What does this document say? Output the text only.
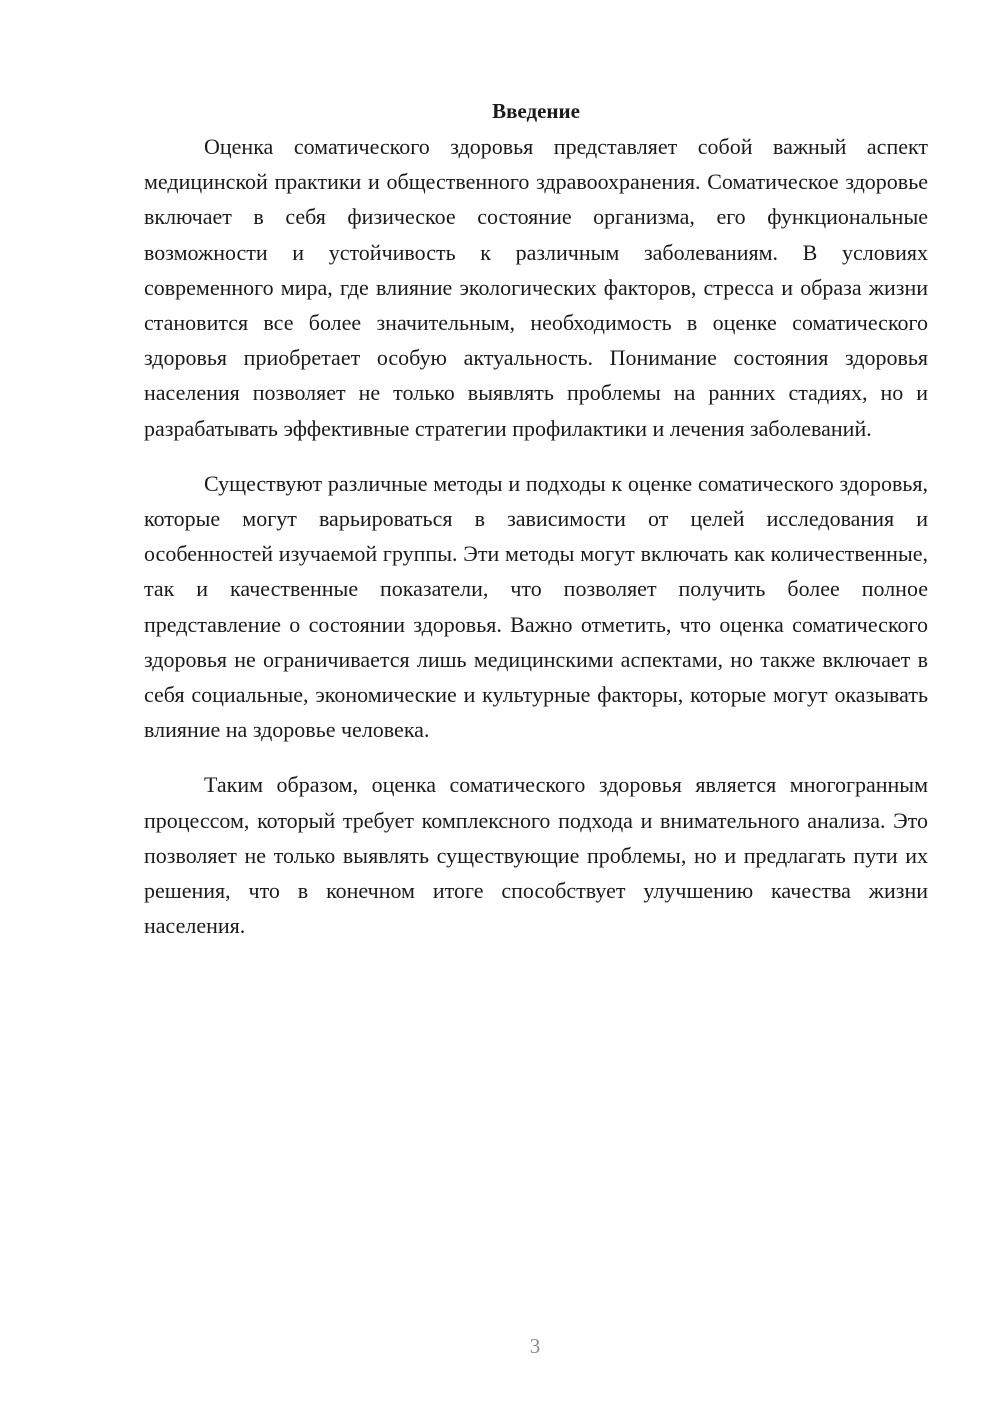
Введение

Оценка соматического здоровья представляет собой важный аспект медицинской практики и общественного здравоохранения. Соматическое здоровье включает в себя физическое состояние организма, его функциональные возможности и устойчивость к различным заболеваниям. В условиях современного мира, где влияние экологических факторов, стресса и образа жизни становится все более значительным, необходимость в оценке соматического здоровья приобретает особую актуальность. Понимание состояния здоровья населения позволяет не только выявлять проблемы на ранних стадиях, но и разрабатывать эффективные стратегии профилактики и лечения заболеваний.

Существуют различные методы и подходы к оценке соматического здоровья, которые могут варьироваться в зависимости от целей исследования и особенностей изучаемой группы. Эти методы могут включать как количественные, так и качественные показатели, что позволяет получить более полное представление о состоянии здоровья. Важно отметить, что оценка соматического здоровья не ограничивается лишь медицинскими аспектами, но также включает в себя социальные, экономические и культурные факторы, которые могут оказывать влияние на здоровье человека.

Таким образом, оценка соматического здоровья является многогранным процессом, который требует комплексного подхода и внимательного анализа. Это позволяет не только выявлять существующие проблемы, но и предлагать пути их решения, что в конечном итоге способствует улучшению качества жизни населения.

3
